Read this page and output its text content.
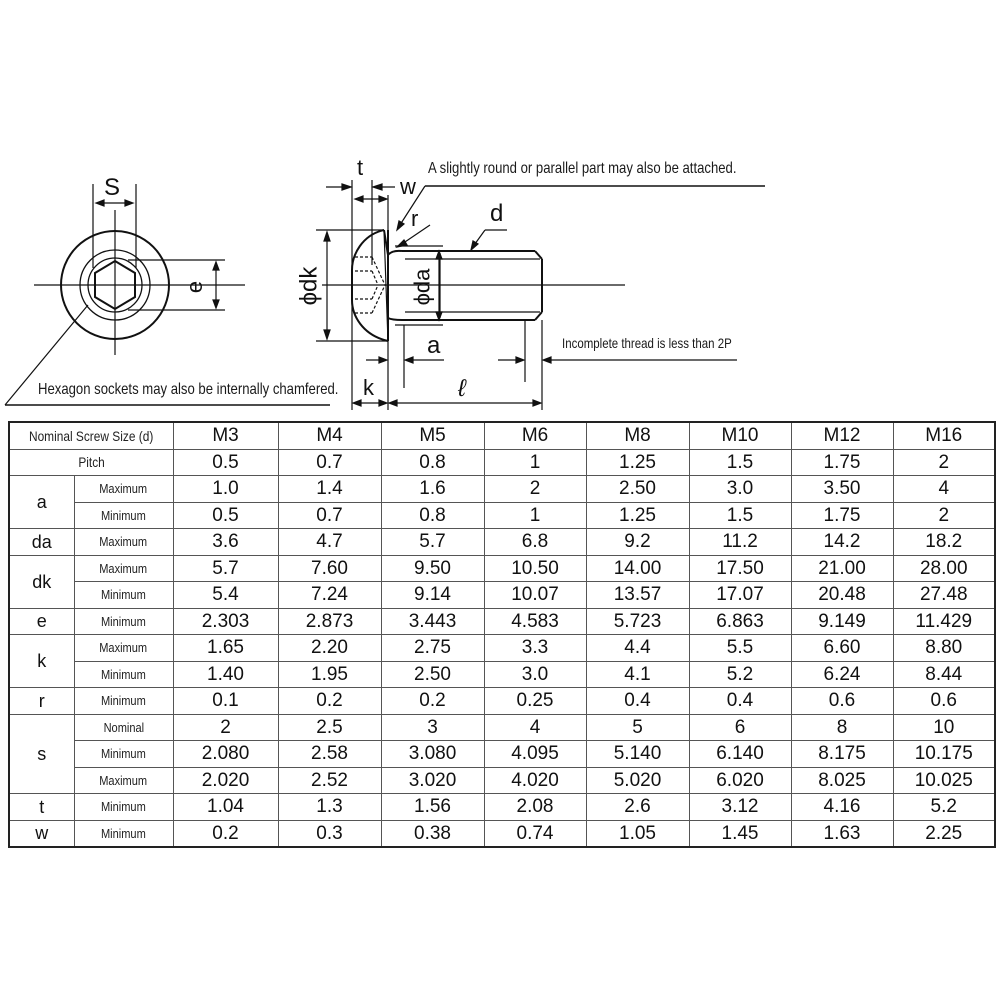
S
e
Hexagon sockets may also be internally chamfered.
t
w
r	d
ϕdk	ϕda
a
k	ℓ
A slightly round or parallel part may also be attached.
Incomplete thread is less than 2P
Nominal Screw Size (d)		M3	M4	M5	M6	M8	M10	M12	M16
Pitch		0.5	0.7	0.8	1	1.25	1.5	1.75	2
a	Maximum	1.0	1.4	1.6	2	2.50	3.0	3.50	4
	Minimum	0.5	0.7	0.8	1	1.25	1.5	1.75	2
da	Maximum	3.6	4.7	5.7	6.8	9.2	11.2	14.2	18.2
dk	Maximum	5.7	7.60	9.50	10.50	14.00	17.50	21.00	28.00
	Minimum	5.4	7.24	9.14	10.07	13.57	17.07	20.48	27.48
e	Minimum	2.303	2.873	3.443	4.583	5.723	6.863	9.149	11.429
k	Maximum	1.65	2.20	2.75	3.3	4.4	5.5	6.60	8.80
	Minimum	1.40	1.95	2.50	3.0	4.1	5.2	6.24	8.44
r	Minimum	0.1	0.2	0.2	0.25	0.4	0.4	0.6	0.6
s	Nominal	2	2.5	3	4	5	6	8	10
	Minimum	2.080	2.58	3.080	4.095	5.140	6.140	8.175	10.175
	Maximum	2.020	2.52	3.020	4.020	5.020	6.020	8.025	10.025
t	Minimum	1.04	1.3	1.56	2.08	2.6	3.12	4.16	5.2
w	Minimum	0.2	0.3	0.38	0.74	1.05	1.45	1.63	2.25
